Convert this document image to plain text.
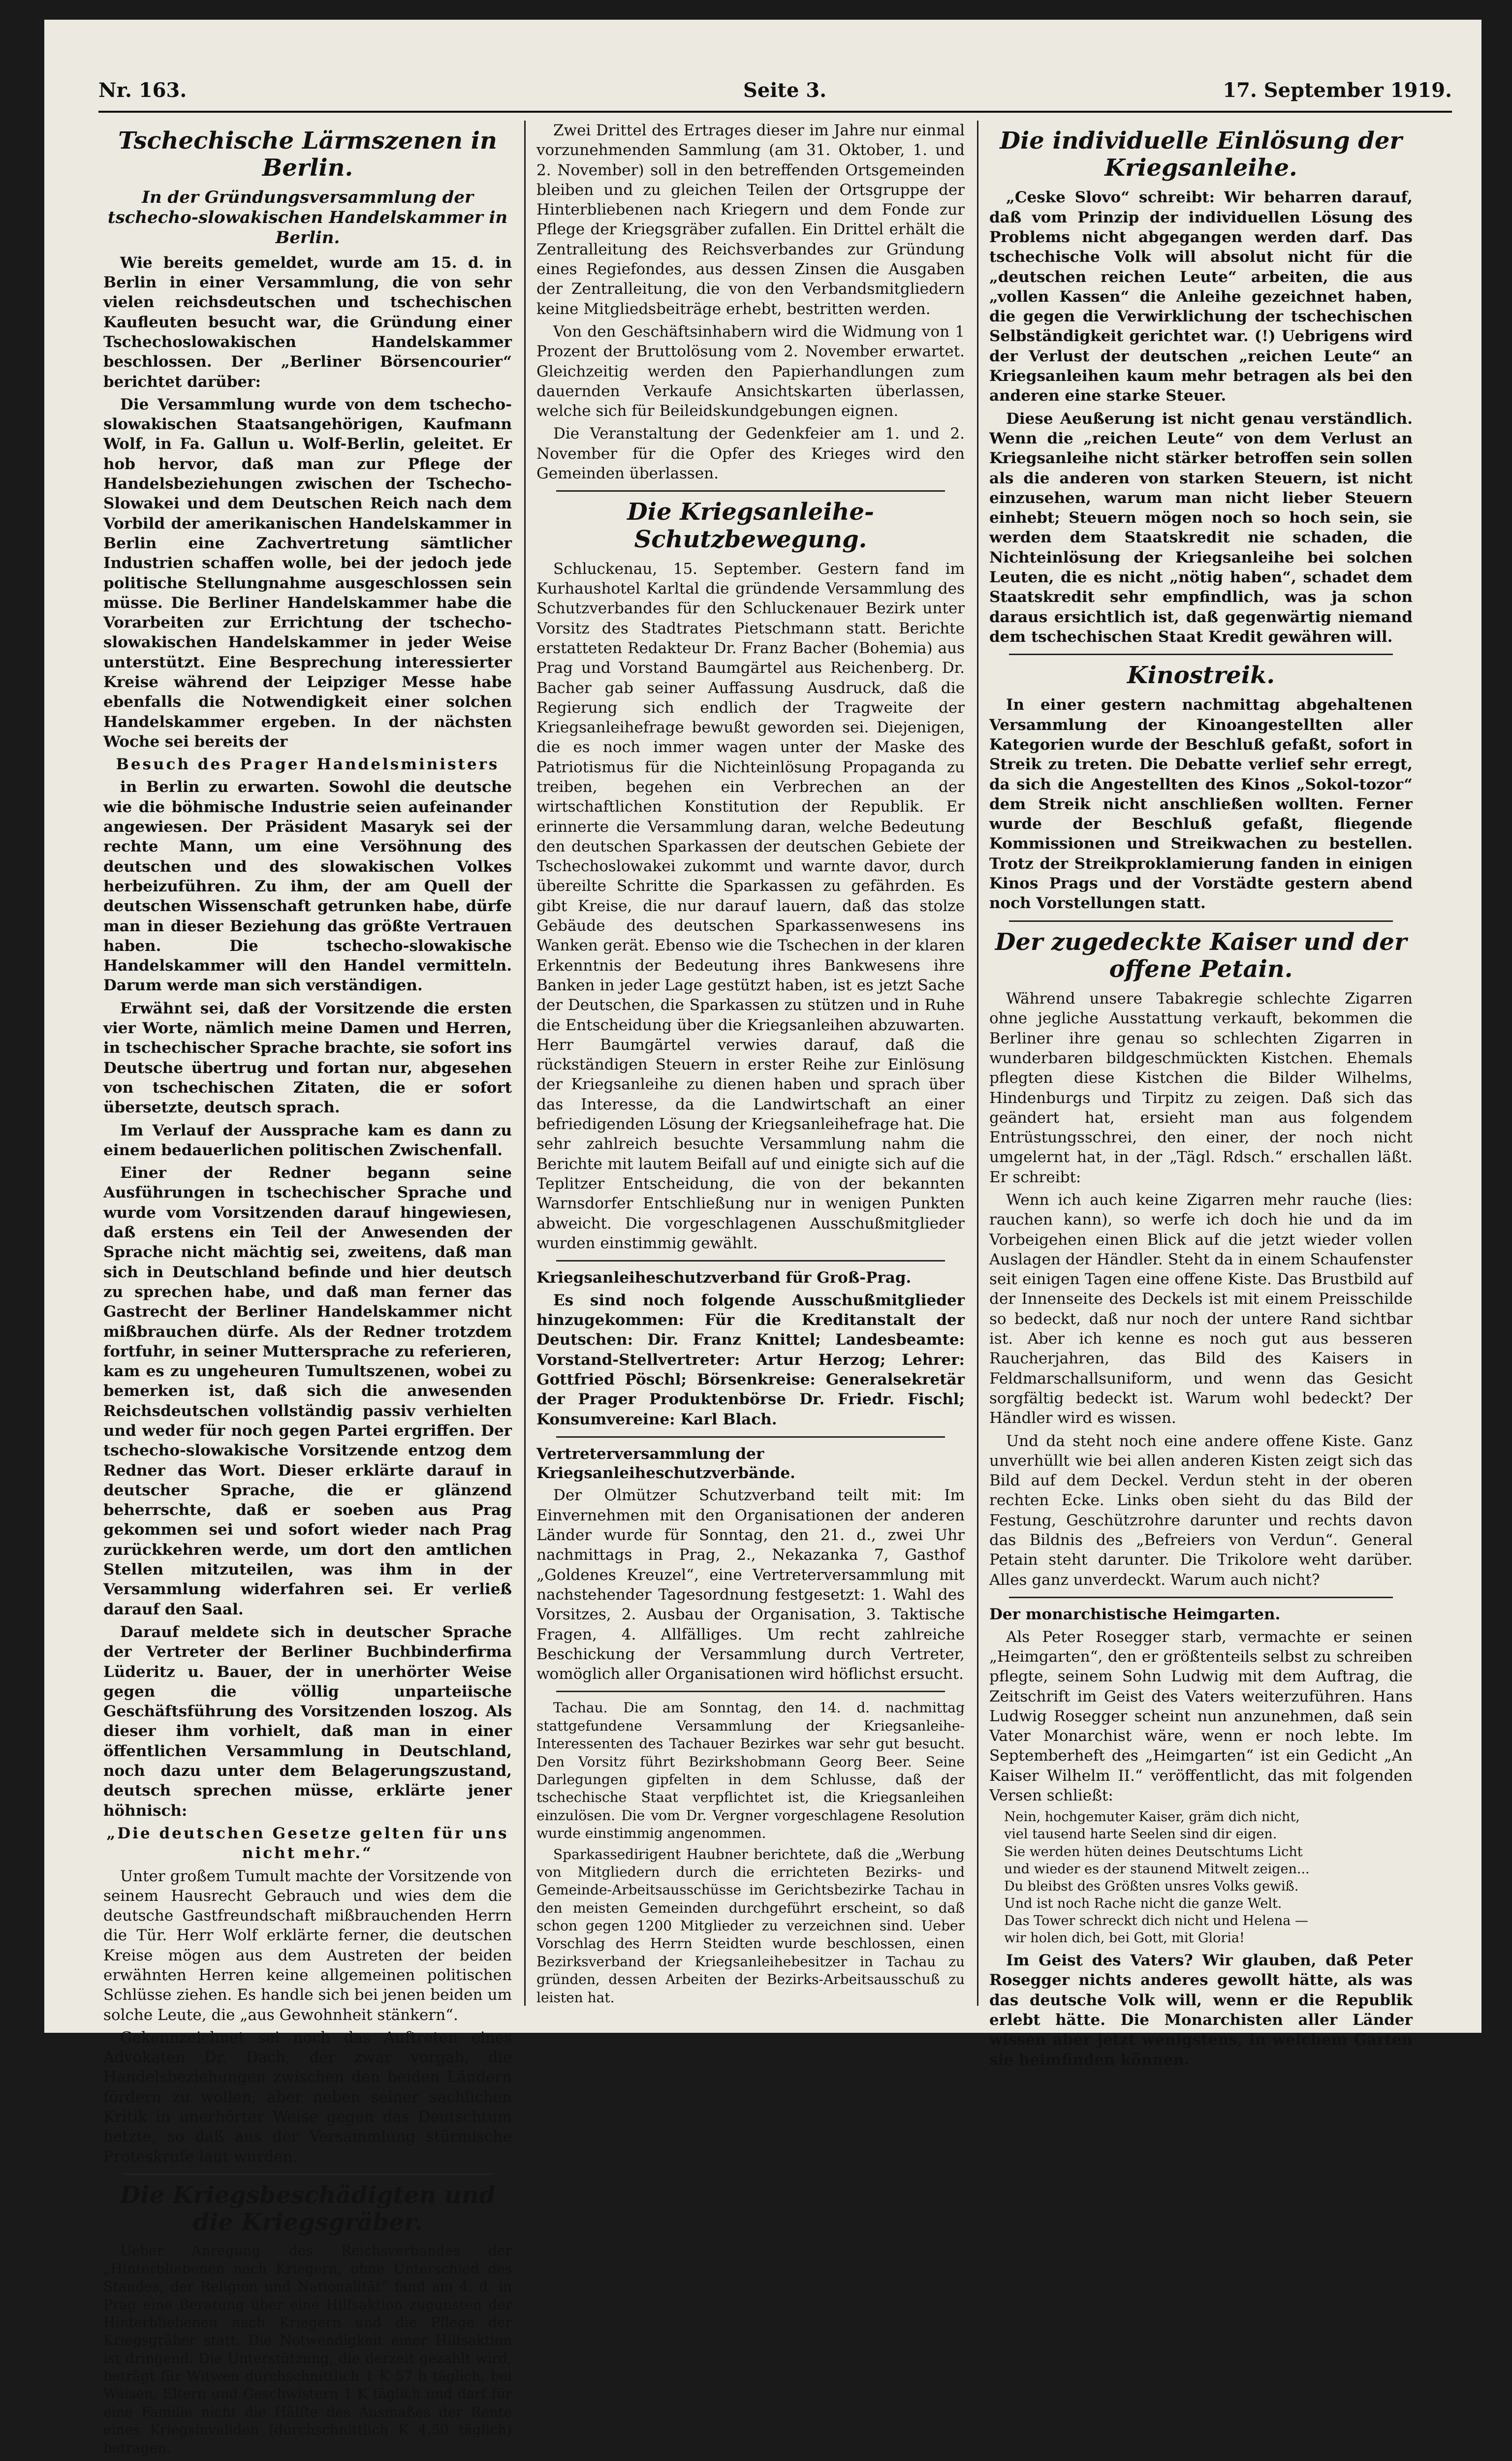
Nr. 163.	Seite 3.	17. September 1919.
Tschechische Lärmszenen in Berlin.
In der Gründungsversammlung der tschecho-slowakischen Handelskammer in Berlin.

Wie bereits gemeldet, wurde am 15. d. in Berlin in einer Versammlung, die von sehr vielen reichsdeutschen und tschechischen Kaufleuten besucht war, die Gründung einer Tschechoslowakischen Handelskammer beschlossen. Der „Berliner Börsencourier“ berichtet darüber:

Die Versammlung wurde von dem tschecho-slowakischen Staatsangehörigen, Kaufmann Wolf, in Fa. Gallun u. Wolf-Berlin, geleitet. Er hob hervor, daß man zur Pflege der Handelsbeziehungen zwischen der Tschecho-Slowakei und dem Deutschen Reich nach dem Vorbild der amerikanischen Handelskammer in Berlin eine Zachvertretung sämtlicher Industrien schaffen wolle, bei der jedoch jede politische Stellungnahme ausgeschlossen sein müsse. Die Berliner Handelskammer habe die Vorarbeiten zur Errichtung der tschecho-slowakischen Handelskammer in jeder Weise unterstützt. Eine Besprechung interessierter Kreise während der Leipziger Messe habe ebenfalls die Notwendigkeit einer solchen Handelskammer ergeben. In der nächsten Woche sei bereits der

Besuch des Prager Handelsministers

in Berlin zu erwarten. Sowohl die deutsche wie die böhmische Industrie seien aufeinander angewiesen. Der Präsident Masaryk sei der rechte Mann, um eine Versöhnung des deutschen und des slowakischen Volkes herbeizuführen. Zu ihm, der am Quell der deutschen Wissenschaft getrunken habe, dürfe man in dieser Beziehung das größte Vertrauen haben. Die tschecho-slowakische Handelskammer will den Handel vermitteln. Darum werde man sich verständigen.

Erwähnt sei, daß der Vorsitzende die ersten vier Worte, nämlich meine Damen und Herren, in tschechischer Sprache brachte, sie sofort ins Deutsche übertrug und fortan nur, abgesehen von tschechischen Zitaten, die er sofort übersetzte, deutsch sprach.

Im Verlauf der Aussprache kam es dann zu einem bedauerlichen politischen Zwischenfall.

Einer der Redner begann seine Ausführungen in tschechischer Sprache und wurde vom Vorsitzenden darauf hingewiesen, daß erstens ein Teil der Anwesenden der Sprache nicht mächtig sei, zweitens, daß man sich in Deutschland befinde und hier deutsch zu sprechen habe, und daß man ferner das Gastrecht der Berliner Handelskammer nicht mißbrauchen dürfe. Als der Redner trotzdem fortfuhr, in seiner Muttersprache zu referieren, kam es zu ungeheuren Tumultszenen, wobei zu bemerken ist, daß sich die anwesenden Reichsdeutschen vollständig passiv verhielten und weder für noch gegen Partei ergriffen. Der tschecho-slowakische Vorsitzende entzog dem Redner das Wort. Dieser erklärte darauf in deutscher Sprache, die er glänzend beherrschte, daß er soeben aus Prag gekommen sei und sofort wieder nach Prag zurückkehren werde, um dort den amtlichen Stellen mitzuteilen, was ihm in der Versammlung widerfahren sei. Er verließ darauf den Saal.

Darauf meldete sich in deutscher Sprache der Vertreter der Berliner Buchbinderfirma Lüderitz u. Bauer, der in unerhörter Weise gegen die völlig unparteiische Geschäftsführung des Vorsitzenden loszog. Als dieser ihm vorhielt, daß man in einer öffentlichen Versammlung in Deutschland, noch dazu unter dem Belagerungszustand, deutsch sprechen müsse, erklärte jener höhnisch:

„Die deutschen Gesetze gelten für uns nicht mehr.“

Unter großem Tumult machte der Vorsitzende von seinem Hausrecht Gebrauch und wies dem die deutsche Gastfreundschaft mißbrauchenden Herrn die Tür. Herr Wolf erklärte ferner, die deutschen Kreise mögen aus dem Austreten der beiden erwähnten Herren keine allgemeinen politischen Schlüsse ziehen. Es handle sich bei jenen beiden um solche Leute, die „aus Gewohnheit stänkern“.

Gekennzeichnet sei noch das Auftreten eines Advokaten Dr. Dach, der zwar vorgab, die Handelsbeziehungen zwischen den beiden Ländern fördern zu wollen, aber neben seiner sachlichen Kritik in unerhörter Weise gegen das Deutschtum hetzte, so daß aus der Versammlung stürmische Proteskrufe laut wurden.

Die Kriegsbeschädigten und die Kriegsgräber.

Ueber Anregung des Reichsverbandes der „Hinterbliebenen nach Kriegern, ohne Unterschied des Standes, der Religion und Nationalität“ fand am 4. d. in Prag eine Beratung über eine Hilfsaktion zugunsten der Hinterbliebenen nach Kriegern und die Pflege der Kriegsgräber statt. Die Notwendigkeit einer Hilfsaktion ist dringend. Die Unterstützung, die derzeit gezahlt wird, beträgt für Witwen durchschnittlich 1 K 57 h täglich, bei Waisen, Eltern und Geschwistern 1 K täglich und darf für eine Familie nicht die Hälfte des Ausmaßes der Rente eines Kriegsinvaliden (durchschnittlich K 4.50 täglich) betragen.

Zwei Drittel des Ertrages dieser im Jahre nur einmal vorzunehmenden Sammlung (am 31. Oktober, 1. und 2. November) soll in den betreffenden Ortsgemeinden bleiben und zu gleichen Teilen der Ortsgruppe der Hinterbliebenen nach Kriegern und dem Fonde zur Pflege der Kriegsgräber zufallen. Ein Drittel erhält die Zentralleitung des Reichsverbandes zur Gründung eines Regiefondes, aus dessen Zinsen die Ausgaben der Zentralleitung, die von den Verbandsmitgliedern keine Mitgliedsbeiträge erhebt, bestritten werden.

Von den Geschäftsinhabern wird die Widmung von 1 Prozent der Bruttolösung vom 2. November erwartet. Gleichzeitig werden den Papierhandlungen zum dauernden Verkaufe Ansichtskarten überlassen, welche sich für Beileidskundgebungen eignen.

Die Veranstaltung der Gedenkfeier am 1. und 2. November für die Opfer des Krieges wird den Gemeinden überlassen.

Die Kriegsanleihe-Schutzbewegung.

Schluckenau, 15. September. Gestern fand im Kurhaushotel Karltal die gründende Versammlung des Schutzverbandes für den Schluckenauer Bezirk unter Vorsitz des Stadtrates Pietschmann statt. Berichte erstatteten Redakteur Dr. Franz Bacher (Bohemia) aus Prag und Vorstand Baumgärtel aus Reichenberg. Dr. Bacher gab seiner Auffassung Ausdruck, daß die Regierung sich endlich der Tragweite der Kriegsanleihefrage bewußt geworden sei. Diejenigen, die es noch immer wagen unter der Maske des Patriotismus für die Nichteinlösung Propaganda zu treiben, begehen ein Verbrechen an der wirtschaftlichen Konstitution der Republik. Er erinnerte die Versammlung daran, welche Bedeutung den deutschen Sparkassen der deutschen Gebiete der Tschechoslowakei zukommt und warnte davor, durch übereilte Schritte die Sparkassen zu gefährden. Es gibt Kreise, die nur darauf lauern, daß das stolze Gebäude des deutschen Sparkassenwesens ins Wanken gerät. Ebenso wie die Tschechen in der klaren Erkenntnis der Bedeutung ihres Bankwesens ihre Banken in jeder Lage gestützt haben, ist es jetzt Sache der Deutschen, die Sparkassen zu stützen und in Ruhe die Entscheidung über die Kriegsanleihen abzuwarten. Herr Baumgärtel verwies darauf, daß die rückständigen Steuern in erster Reihe zur Einlösung der Kriegsanleihe zu dienen haben und sprach über das Interesse, da die Landwirtschaft an einer befriedigenden Lösung der Kriegsanleihefrage hat. Die sehr zahlreich besuchte Versammlung nahm die Berichte mit lautem Beifall auf und einigte sich auf die Teplitzer Entscheidung, die von der bekannten Warnsdorfer Entschließung nur in wenigen Punkten abweicht. Die vorgeschlagenen Ausschußmitglieder wurden einstimmig gewählt.

Kriegsanleiheschutzverband für Groß-Prag.

Es sind noch folgende Ausschußmitglieder hinzugekommen: Für die Kreditanstalt der Deutschen: Dir. Franz Knittel; Landesbeamte: Vorstand-Stellvertreter: Artur Herzog; Lehrer: Gottfried Pöschl; Börsenkreise: Generalsekretär der Prager Produktenbörse Dr. Friedr. Fischl; Konsumvereine: Karl Blach.

Vertreterversammlung der Kriegsanleiheschutzverbände.

Der Olmützer Schutzverband teilt mit: Im Einvernehmen mit den Organisationen der anderen Länder wurde für Sonntag, den 21. d., zwei Uhr nachmittags in Prag, 2., Nekazanka 7, Gasthof „Goldenes Kreuzel“, eine Vertreterversammlung mit nachstehender Tagesordnung festgesetzt: 1. Wahl des Vorsitzes, 2. Ausbau der Organisation, 3. Taktische Fragen, 4. Allfälliges. Um recht zahlreiche Beschickung der Versammlung durch Vertreter, womöglich aller Organisationen wird höflichst ersucht.

Tachau. Die am Sonntag, den 14. d. nachmittag stattgefundene Versammlung der Kriegsanleihe-Interessenten des Tachauer Bezirkes war sehr gut besucht. Den Vorsitz führt Bezirkshobmann Georg Beer. Seine Darlegungen gipfelten in dem Schlusse, daß der tschechische Staat verpflichtet ist, die Kriegsanleihen einzulösen. Die vom Dr. Vergner vorgeschlagene Resolution wurde einstimmig angenommen.

Sparkassedirigent Haubner berichtete, daß die „Werbung von Mitgliedern durch die errichteten Bezirks- und Gemeinde-Arbeitsausschüsse im Gerichtsbezirke Tachau in den meisten Gemeinden durchgeführt erscheint, so daß schon gegen 1200 Mitglieder zu verzeichnen sind. Ueber Vorschlag des Herrn Steidten wurde beschlossen, einen Bezirksverband der Kriegsanleihebesitzer in Tachau zu gründen, dessen Arbeiten der Bezirks-Arbeitsausschuß zu leisten hat.

Die individuelle Einlösung der Kriegsanleihe.

„Ceske Slovo“ schreibt: Wir beharren darauf, daß vom Prinzip der individuellen Lösung des Problems nicht abgegangen werden darf. Das tschechische Volk will absolut nicht für die „deutschen reichen Leute“ arbeiten, die aus „vollen Kassen“ die Anleihe gezeichnet haben, die gegen die Verwirklichung der tschechischen Selbständigkeit gerichtet war. (!) Uebrigens wird der Verlust der deutschen „reichen Leute“ an Kriegsanleihen kaum mehr betragen als bei den anderen eine starke Steuer.

Diese Aeußerung ist nicht genau verständlich. Wenn die „reichen Leute“ von dem Verlust an Kriegsanleihe nicht stärker betroffen sein sollen als die anderen von starken Steuern, ist nicht einzusehen, warum man nicht lieber Steuern einhebt; Steuern mögen noch so hoch sein, sie werden dem Staatskredit nie schaden, die Nichteinlösung der Kriegsanleihe bei solchen Leuten, die es nicht „nötig haben“, schadet dem Staatskredit sehr empfindlich, was ja schon daraus ersichtlich ist, daß gegenwärtig niemand dem tschechischen Staat Kredit gewähren will.

Kinostreik.

In einer gestern nachmittag abgehaltenen Versammlung der Kinoangestellten aller Kategorien wurde der Beschluß gefaßt, sofort in Streik zu treten. Die Debatte verlief sehr erregt, da sich die Angestellten des Kinos „Sokol-tozor“ dem Streik nicht anschließen wollten. Ferner wurde der Beschluß gefaßt, fliegende Kommissionen und Streikwachen zu bestellen. Trotz der Streikproklamierung fanden in einigen Kinos Prags und der Vorstädte gestern abend noch Vorstellungen statt.

Der zugedeckte Kaiser und der offene Petain.

Während unsere Tabakregie schlechte Zigarren ohne jegliche Ausstattung verkauft, bekommen die Berliner ihre genau so schlechten Zigarren in wunderbaren bildgeschmückten Kistchen. Ehemals pflegten diese Kistchen die Bilder Wilhelms, Hindenburgs und Tirpitz zu zeigen. Daß sich das geändert hat, ersieht man aus folgendem Entrüstungsschrei, den einer, der noch nicht umgelernt hat, in der „Tägl. Rdsch.“ erschallen läßt. Er schreibt:

Wenn ich auch keine Zigarren mehr rauche (lies: rauchen kann), so werfe ich doch hie und da im Vorbeigehen einen Blick auf die jetzt wieder vollen Auslagen der Händler. Steht da in einem Schaufenster seit einigen Tagen eine offene Kiste. Das Brustbild auf der Innenseite des Deckels ist mit einem Preisschilde so bedeckt, daß nur noch der untere Rand sichtbar ist. Aber ich kenne es noch gut aus besseren Raucherjahren, das Bild des Kaisers in Feldmarschallsuniform, und wenn das Gesicht sorgfältig bedeckt ist. Warum wohl bedeckt? Der Händler wird es wissen.

Und da steht noch eine andere offene Kiste. Ganz unverhüllt wie bei allen anderen Kisten zeigt sich das Bild auf dem Deckel. Verdun steht in der oberen rechten Ecke. Links oben sieht du das Bild der Festung, Geschützrohre darunter und rechts davon das Bildnis des „Befreiers von Verdun“. General Petain steht darunter. Die Trikolore weht darüber. Alles ganz unverdeckt. Warum auch nicht?

Der monarchistische Heimgarten.

Als Peter Rosegger starb, vermachte er seinen „Heimgarten“, den er größtenteils selbst zu schreiben pflegte, seinem Sohn Ludwig mit dem Auftrag, die Zeitschrift im Geist des Vaters weiterzuführen. Hans Ludwig Rosegger scheint nun anzunehmen, daß sein Vater Monarchist wäre, wenn er noch lebte. Im Septemberheft des „Heimgarten“ ist ein Gedicht „An Kaiser Wilhelm II.“ veröffentlicht, das mit folgenden Versen schließt:

Nein, hochgemuter Kaiser, gräm dich nicht,
viel tausend harte Seelen sind dir eigen.
Sie werden hüten deines Deutschtums Licht
und wieder es der staunend Mitwelt zeigen...
Du bleibst des Größten unsres Volks gewiß.
Und ist noch Rache nicht die ganze Welt.
Das Tower schreckt dich nicht und Helena —
wir holen dich, bei Gott, mit Gloria!

Im Geist des Vaters? Wir glauben, daß Peter Rosegger nichts anderes gewollt hätte, als was das deutsche Volk will, wenn er die Republik erlebt hätte. Die Monarchisten aller Länder wissen aber jetzt wenigstens, in welchem Garten sie heimfinden können.
